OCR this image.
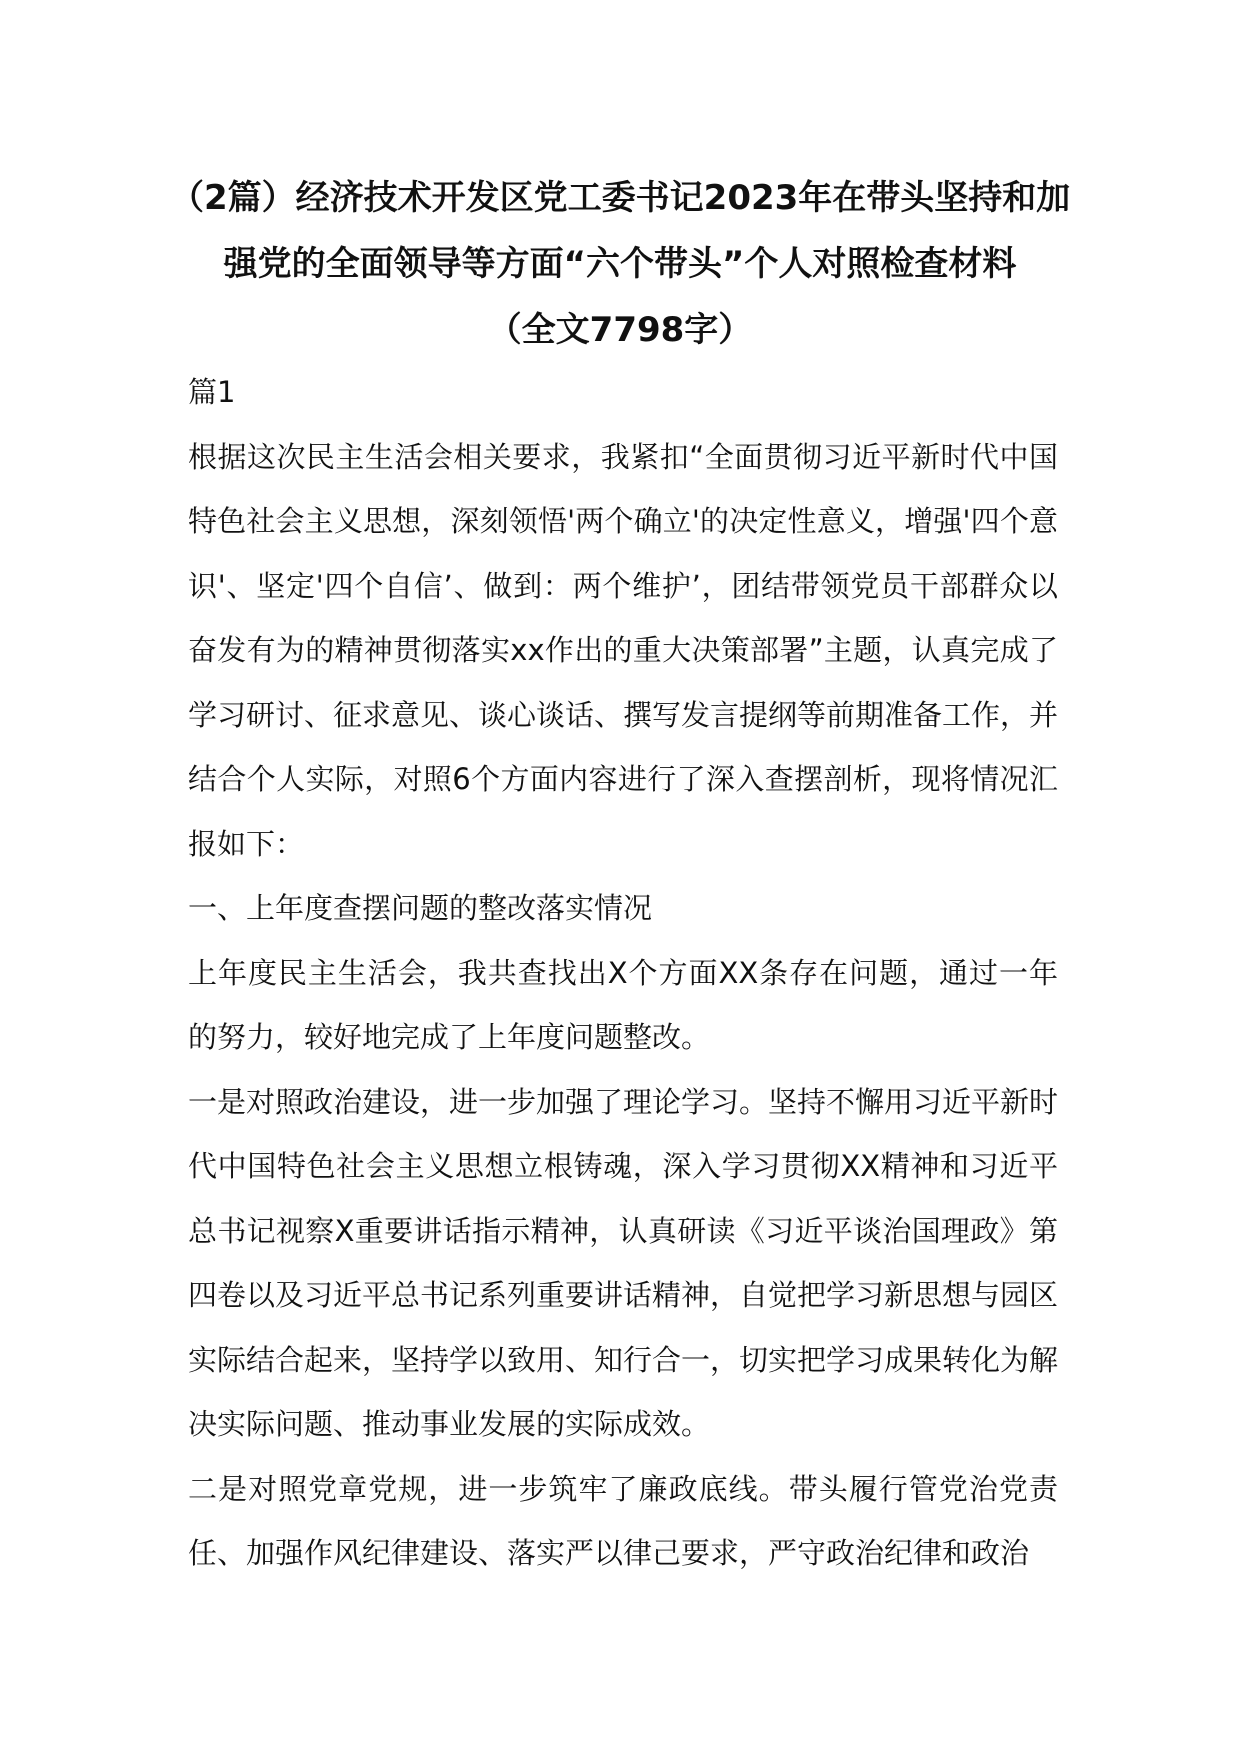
（2篇）经济技术开发区党工委书记2023年在带头坚持和加
强党的全面领导等方面“六个带头”个人对照检查材料
（全文7798字）

篇1

根据这次民主生活会相关要求，我紧扣“全面贯彻习近平新时代中国特色社会主义思想，深刻领悟'两个确立'的决定性意义，增强'四个意识'、坚定'四个自信’、做到：两个维护’，团结带领党员干部群众以奋发有为的精神贯彻落实xx作出的重大决策部署”主题，认真完成了学习研讨、征求意见、谈心谈话、撰写发言提纲等前期准备工作，并结合个人实际，对照6个方面内容进行了深入查摆剖析，现将情况汇报如下：

一、上年度查摆问题的整改落实情况

上年度民主生活会，我共查找出X个方面XX条存在问题，通过一年的努力，较好地完成了上年度问题整改。

一是对照政治建设，进一步加强了理论学习。坚持不懈用习近平新时代中国特色社会主义思想立根铸魂，深入学习贯彻XX精神和习近平总书记视察X重要讲话指示精神，认真研读《习近平谈治国理政》第四卷以及习近平总书记系列重要讲话精神，自觉把学习新思想与园区实际结合起来，坚持学以致用、知行合一，切实把学习成果转化为解决实际问题、推动事业发展的实际成效。

二是对照党章党规，进一步筑牢了廉政底线。带头履行管党治党责任、加强作风纪律建设、落实严以律己要求，严守政治纪律和政治
